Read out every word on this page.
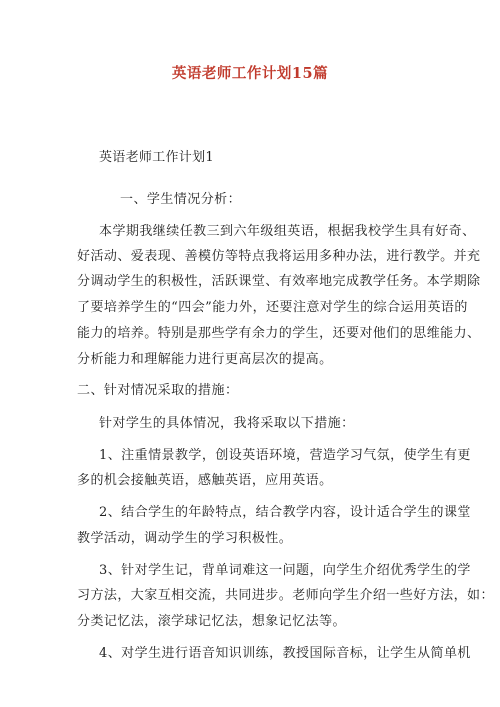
英语老师工作计划15篇
英语老师工作计划1
一、学生情况分析：
本学期我继续任教三到六年级组英语，根据我校学生具有好奇、
好活动、爱表现、善模仿等特点我将运用多种办法，进行教学。并充
分调动学生的积极性，活跃课堂、有效率地完成教学任务。本学期除
了要培养学生的“四会”能力外，还要注意对学生的综合运用英语的
能力的培养。特别是那些学有余力的学生，还要对他们的思维能力、
分析能力和理解能力进行更高层次的提高。
二、针对情况采取的措施：
针对学生的具体情况，我将采取以下措施：
1、注重情景教学，创设英语环境，营造学习气氛，使学生有更
多的机会接触英语，感触英语，应用英语。
2、结合学生的年龄特点，结合教学内容，设计适合学生的课堂
教学活动，调动学生的学习积极性。
3、针对学生记，背单词难这一问题，向学生介绍优秀学生的学
习方法，大家互相交流，共同进步。老师向学生介绍一些好方法，如：
分类记忆法，滚学球记忆法，想象记忆法等。
4、对学生进行语音知识训练，教授国际音标，让学生从简单机
